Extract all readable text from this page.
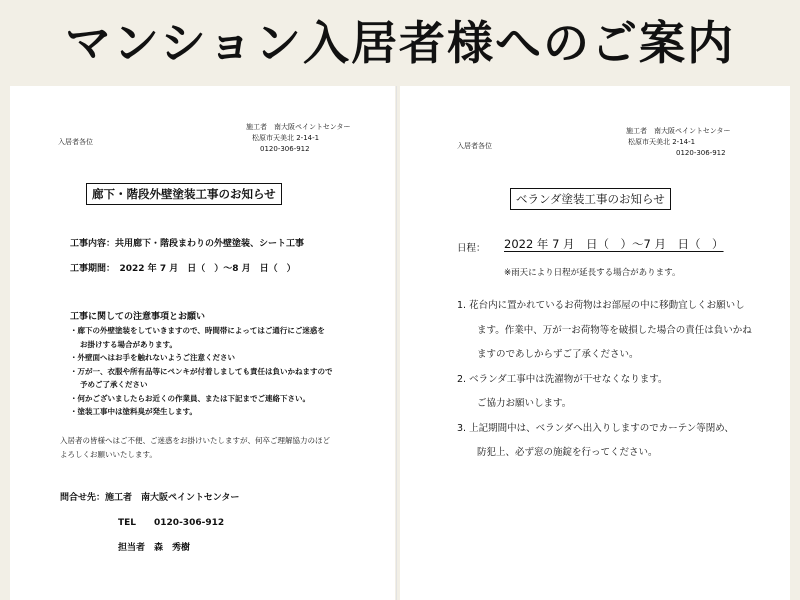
マンション入居者様へのご案内
入居者各位
施工者　南大阪ペイントセンター
松原市天美北 2-14-1
0120-306-912
廊下・階段外壁塗装工事のお知らせ
工事内容：共用廊下・階段まわりの外壁塗装、シート工事
工事期間：　2022 年 7 月　日（　）～8 月　日（　）
工事に関しての注意事項とお願い
・廊下の外壁塗装をしていきますので、時間帯によってはご通行にご迷惑を
お掛けする場合があります。
・外壁面へはお手を触れないようご注意ください
・万が一、衣服や所有品等にペンキが付着しましても責任は負いかねますので
予めご了承ください
・何かございましたらお近くの作業員、または下記までご連絡下さい。
・塗装工事中は塗料臭が発生します。
入居者の皆様へはご不便、ご迷惑をお掛けいたしますが、何卒ご理解協力のほど
よろしくお願いいたします。
問合せ先：施工者　南大阪ペイントセンター
TEL　　0120-306-912
担当者　森　秀樹
入居者各位
施工者　南大阪ペイントセンター
松原市天美北 2-14-1
0120-306-912
ベランダ塗装工事のお知らせ
日程： 2022 年 7 月　日（　）～7 月　日（　）
※雨天により日程が延長する場合があります。
1. 花台内に置かれているお荷物はお部屋の中に移動宜しくお願いし
ます。作業中、万が一お荷物等を破損した場合の責任は負いかね
ますのであしからずご了承ください。
2. ベランダ工事中は洗濯物が干せなくなります。
ご協力お願いします。
3. 上記期間中は、ベランダへ出入りしますのでカーテン等閉め、
防犯上、必ず窓の施錠を行ってください。
